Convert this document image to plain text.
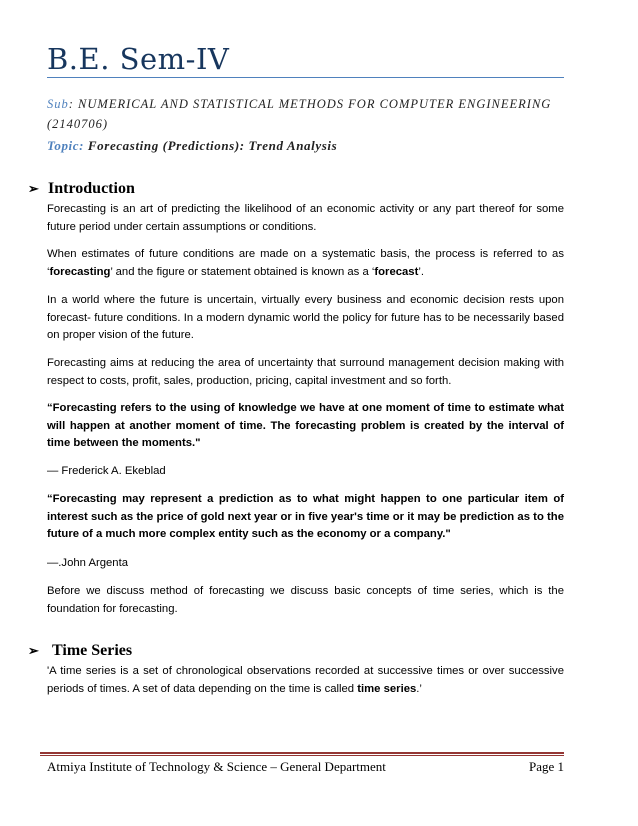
B.E. Sem-IV
Sub: NUMERICAL AND STATISTICAL METHODS FOR COMPUTER ENGINEERING (2140706)
Topic: Forecasting (Predictions): Trend Analysis
➢ Introduction

Forecasting is an art of predicting the likelihood of an economic activity or any part thereof for some future period under certain assumptions or conditions.

When estimates of future conditions are made on a systematic basis, the process is referred to as ‘forecasting’ and the figure or statement obtained is known as a ‘forecast’.

In a world where the future is uncertain, virtually every business and economic decision rests upon forecast- future conditions. In a modern dynamic world the policy for future has to be necessarily based on proper vision of the future.

Forecasting aims at reducing the area of uncertainty that surround management decision making with respect to costs, profit, sales, production, pricing, capital investment and so forth.

“Forecasting refers to the using of knowledge we have at one moment of time to estimate what will happen at another moment of time. The forecasting problem is created by the interval of time between the moments."

— Frederick A. Ekeblad

“Forecasting may represent a prediction as to what might happen to one particular item of interest such as the price of gold next year or in five year's time or it may be prediction as to the future of a much more complex entity such as the economy or a company."

—.John Argenta

Before we discuss method of forecasting we discuss basic concepts of time series, which is the foundation for forecasting.

➢ Time Series

'A time series is a set of chronological observations recorded at successive times or over successive periods of times. A set of data depending on the time is called time series.’

Atmiya Institute of Technology & Science – General Department	Page 1
